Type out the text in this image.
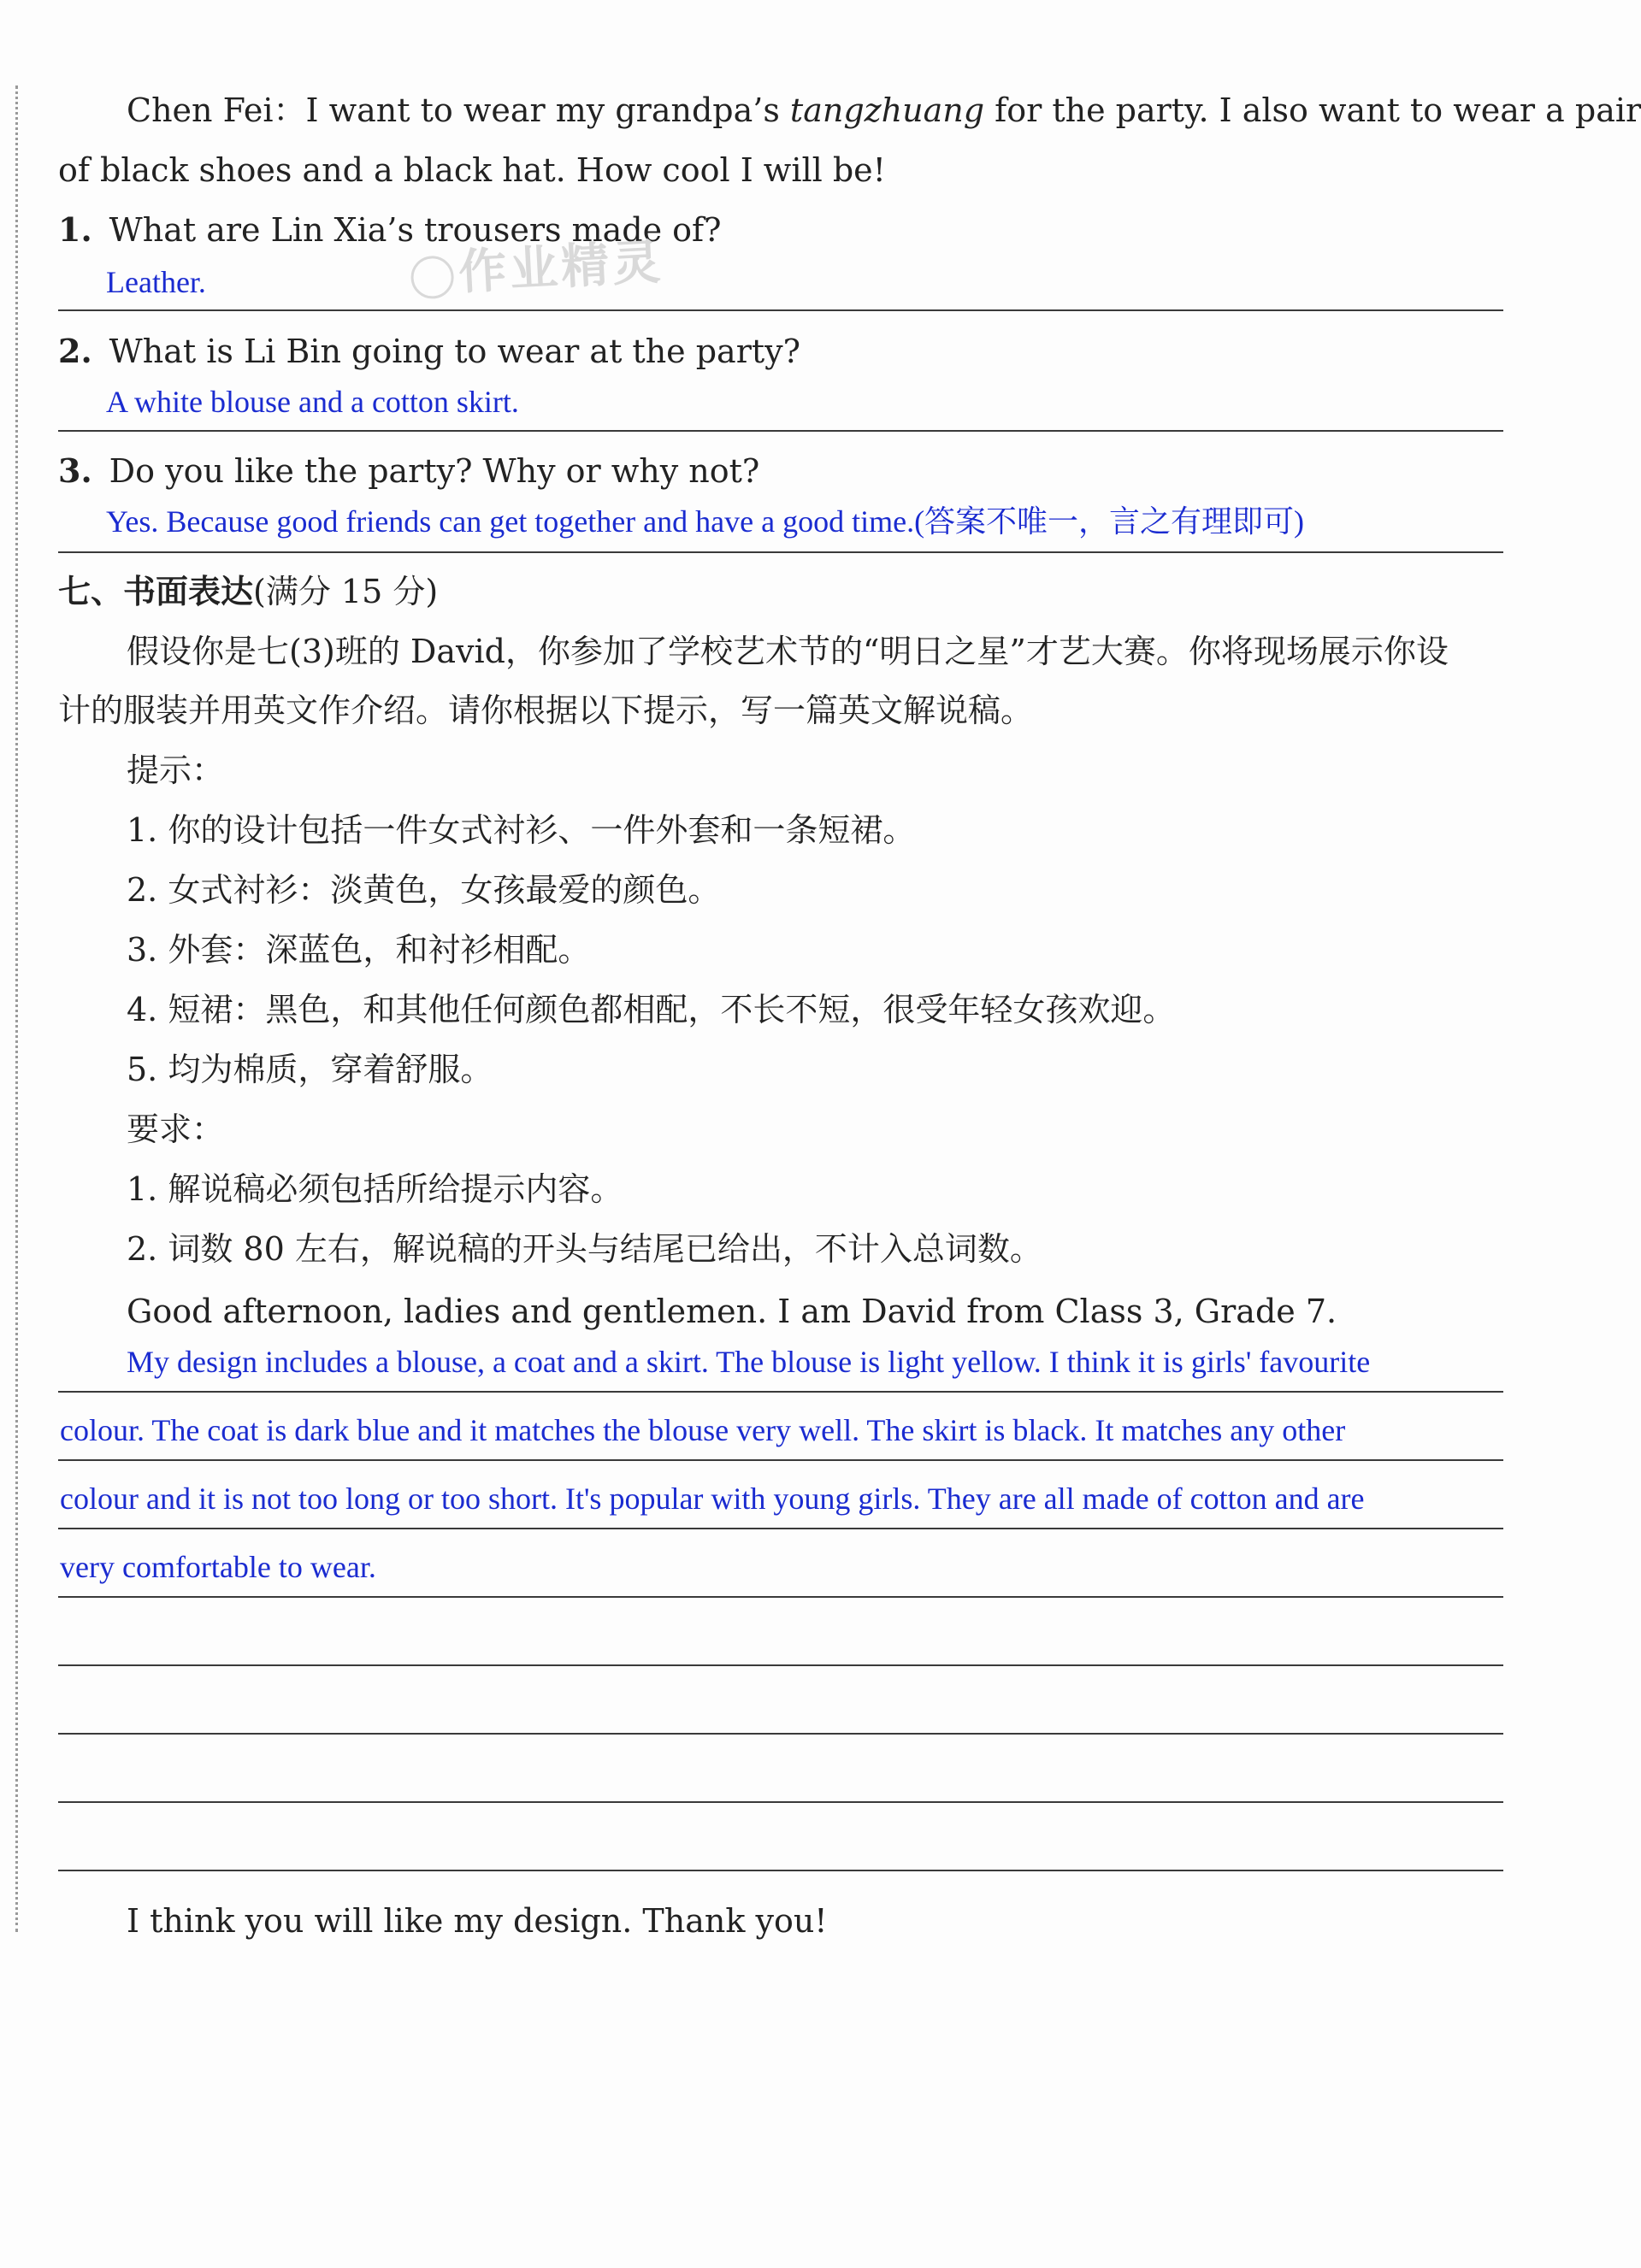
Chen Fei：I want to wear my grandpa’s tangzhuang for the party. I also want to wear a pair
of black shoes and a black hat. How cool I will be!
1. What are Lin Xia’s trousers made of?
Leather.	作业精灵
2. What is Li Bin going to wear at the party?
A white blouse and a cotton skirt.
3. Do you like the party? Why or why not?
Yes. Because good friends can get together and have a good time.(答案不唯一，言之有理即可)
七、书面表达(满分 15 分)
假设你是七(3)班的 David，你参加了学校艺术节的“明日之星”才艺大赛。你将现场展示你设
计的服装并用英文作介绍。请你根据以下提示，写一篇英文解说稿。
提示：
1. 你的设计包括一件女式衬衫、一件外套和一条短裙。
2. 女式衬衫：淡黄色，女孩最爱的颜色。
3. 外套：深蓝色，和衬衫相配。
4. 短裙：黑色，和其他任何颜色都相配，不长不短，很受年轻女孩欢迎。
5. 均为棉质，穿着舒服。
要求：
1. 解说稿必须包括所给提示内容。
2. 词数 80 左右，解说稿的开头与结尾已给出，不计入总词数。
Good afternoon, ladies and gentlemen. I am David from Class 3, Grade 7.
My design includes a blouse, a coat and a skirt. The blouse is light yellow. I think it is girls' favourite
colour. The coat is dark blue and it matches the blouse very well. The skirt is black. It matches any other
colour and it is not too long or too short. It's popular with young girls. They are all made of cotton and are
very comfortable to wear.
I think you will like my design. Thank you!
